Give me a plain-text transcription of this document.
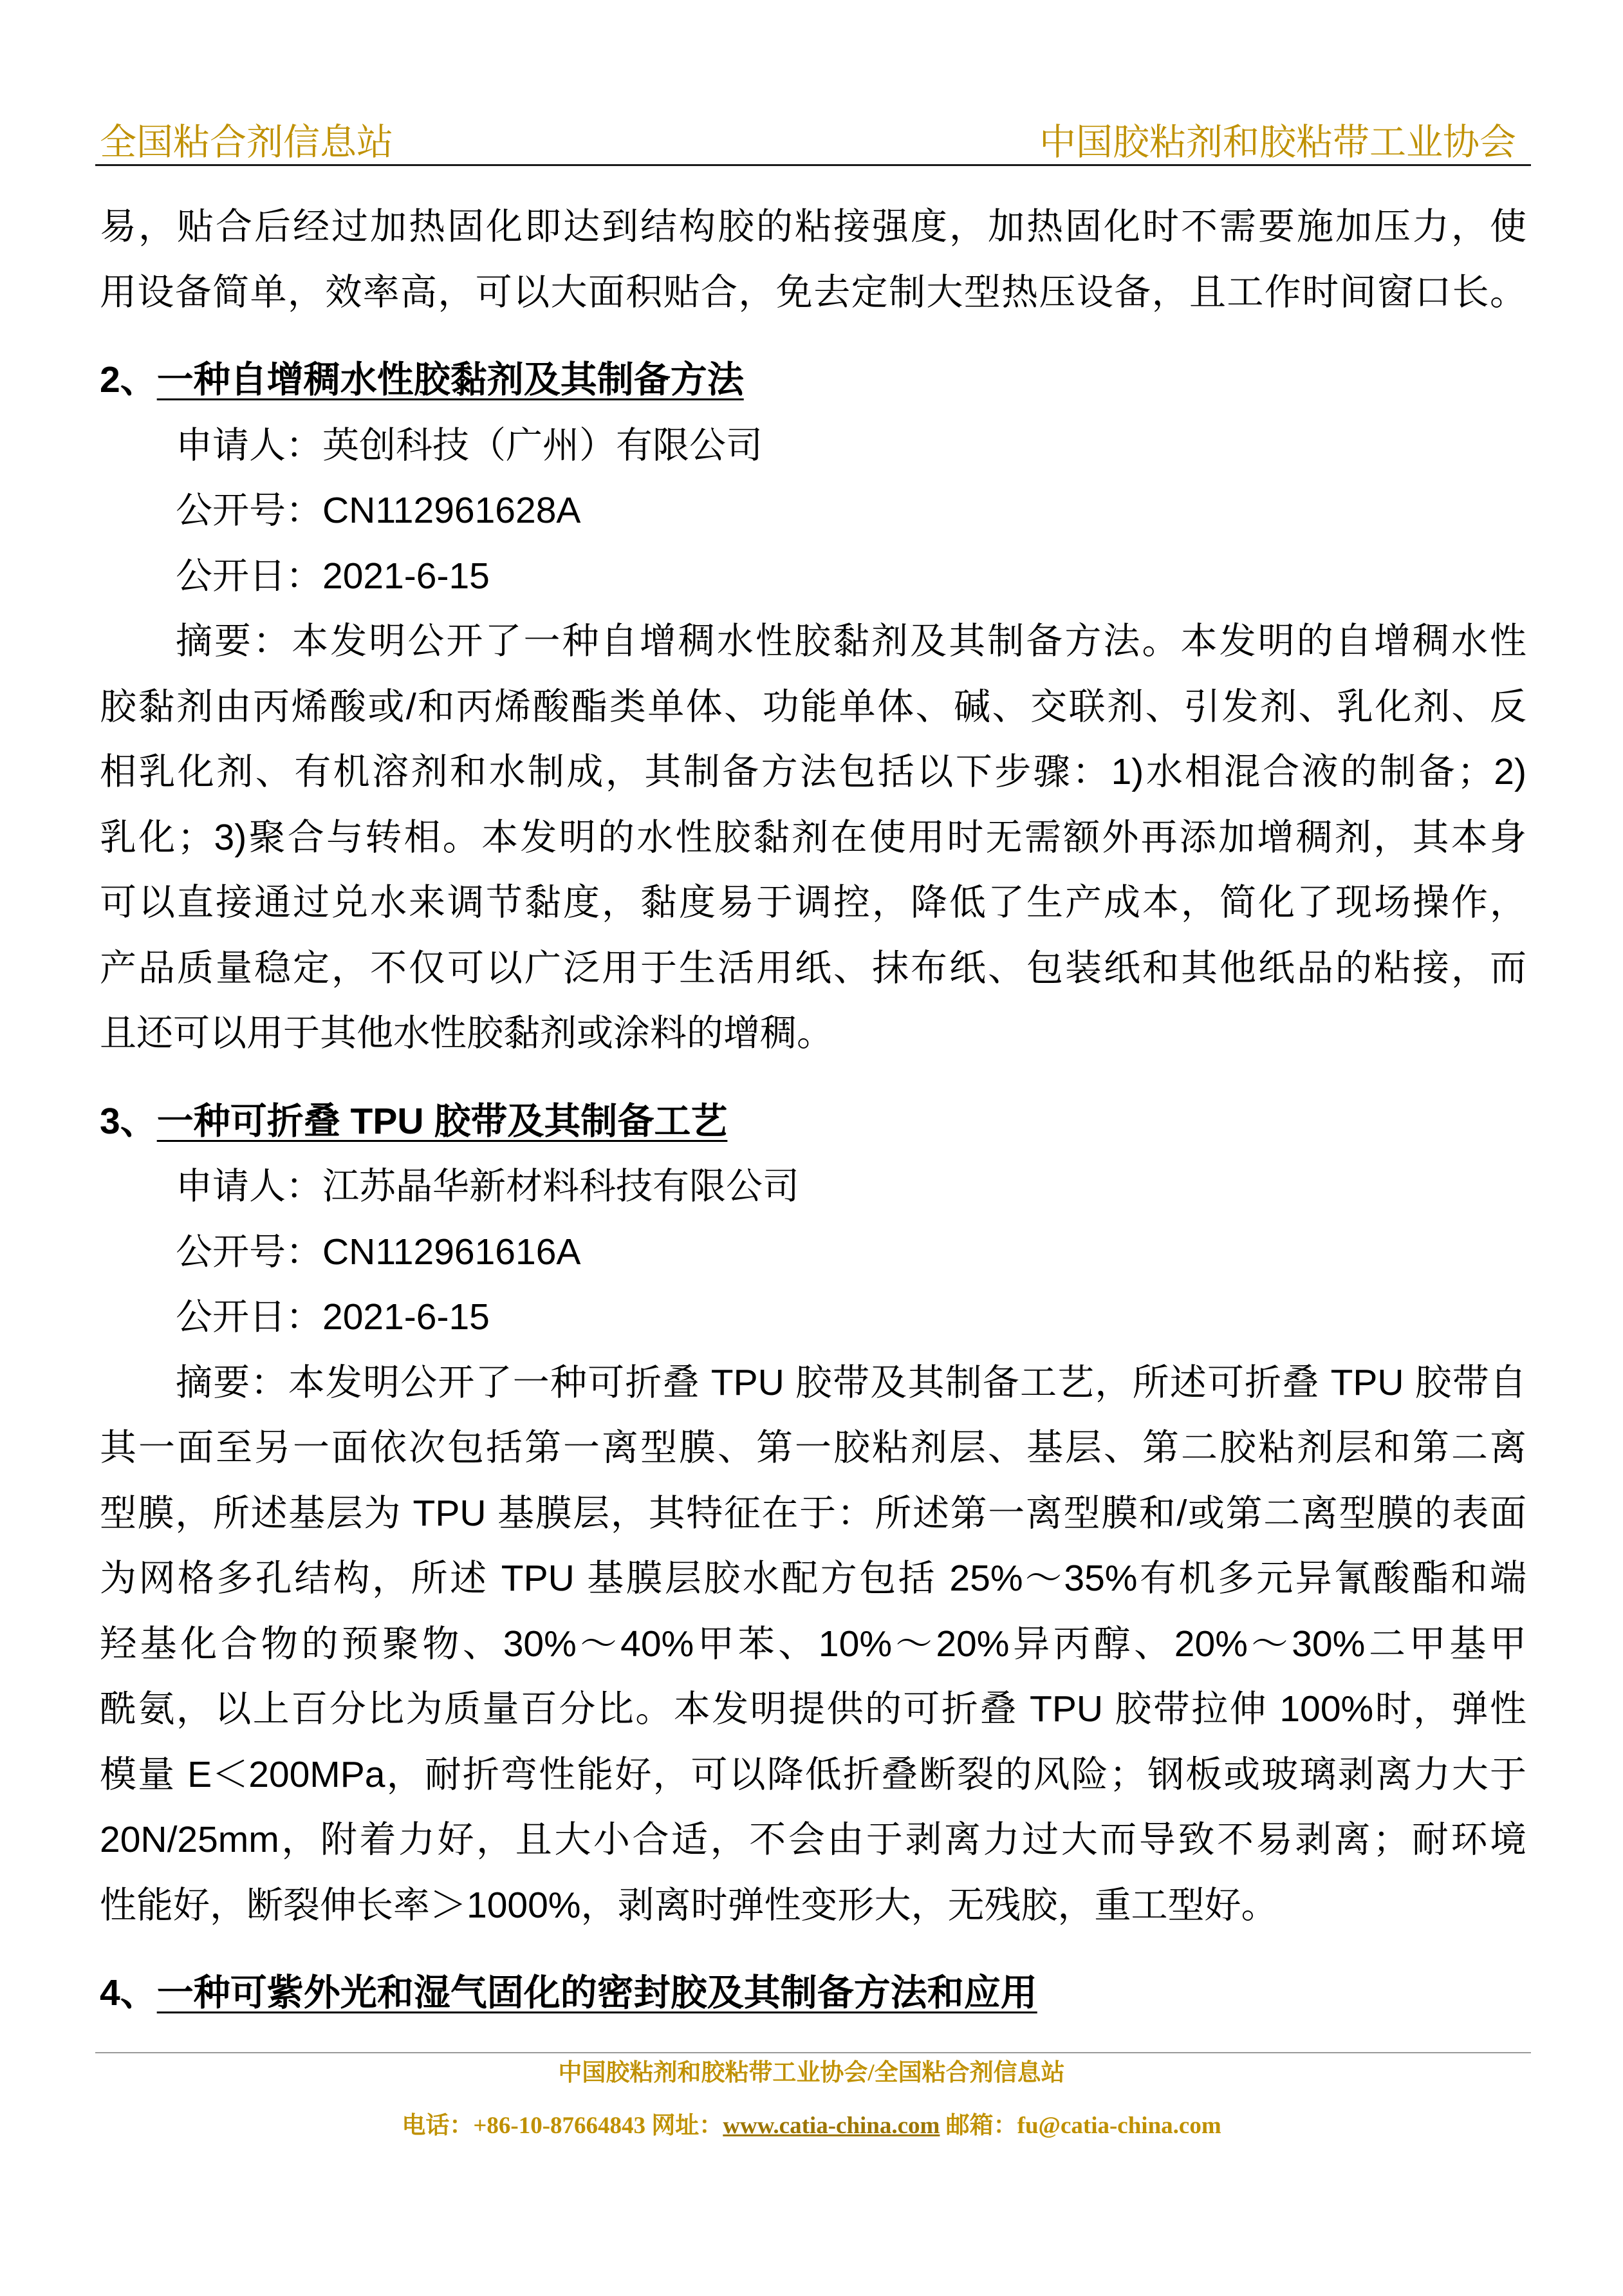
全国粘合剂信息站	中国胶粘剂和胶粘带工业协会
易，贴合后经过加热固化即达到结构胶的粘接强度，加热固化时不需要施加压力，使
用设备简单，效率高，可以大面积贴合，免去定制大型热压设备，且工作时间窗口长。
2、一种自增稠水性胶黏剂及其制备方法
申请人：英创科技（广州）有限公司
公开号：CN112961628A
公开日：2021-6-15
摘要：本发明公开了一种自增稠水性胶黏剂及其制备方法。本发明的自增稠水性
胶黏剂由丙烯酸或/和丙烯酸酯类单体、功能单体、碱、交联剂、引发剂、乳化剂、反
相乳化剂、有机溶剂和水制成，其制备方法包括以下步骤：1)水相混合液的制备；2)
乳化；3)聚合与转相。本发明的水性胶黏剂在使用时无需额外再添加增稠剂，其本身
可以直接通过兑水来调节黏度，黏度易于调控，降低了生产成本，简化了现场操作，
产品质量稳定，不仅可以广泛用于生活用纸、抹布纸、包装纸和其他纸品的粘接，而
且还可以用于其他水性胶黏剂或涂料的增稠。
3、一种可折叠 TPU 胶带及其制备工艺
申请人：江苏晶华新材料科技有限公司
公开号：CN112961616A
公开日：2021-6-15
摘要：本发明公开了一种可折叠 TPU 胶带及其制备工艺，所述可折叠 TPU 胶带自
其一面至另一面依次包括第一离型膜、第一胶粘剂层、基层、第二胶粘剂层和第二离
型膜，所述基层为 TPU 基膜层，其特征在于：所述第一离型膜和/或第二离型膜的表面
为网格多孔结构，所述 TPU 基膜层胶水配方包括 25%～35%有机多元异氰酸酯和端
羟基化合物的预聚物、30%～40%甲苯、10%～20%异丙醇、20%～30%二甲基甲
酰氨，以上百分比为质量百分比。本发明提供的可折叠 TPU 胶带拉伸 100%时，弹性
模量 E＜200MPa，耐折弯性能好，可以降低折叠断裂的风险；钢板或玻璃剥离力大于
20N/25mm，附着力好，且大小合适，不会由于剥离力过大而导致不易剥离；耐环境
性能好，断裂伸长率＞1000%，剥离时弹性变形大，无残胶，重工型好。
4、一种可紫外光和湿气固化的密封胶及其制备方法和应用
中国胶粘剂和胶粘带工业协会/全国粘合剂信息站
电话：+86-10-87664843 网址：www.catia-china.com 邮箱：fu@catia-china.com
